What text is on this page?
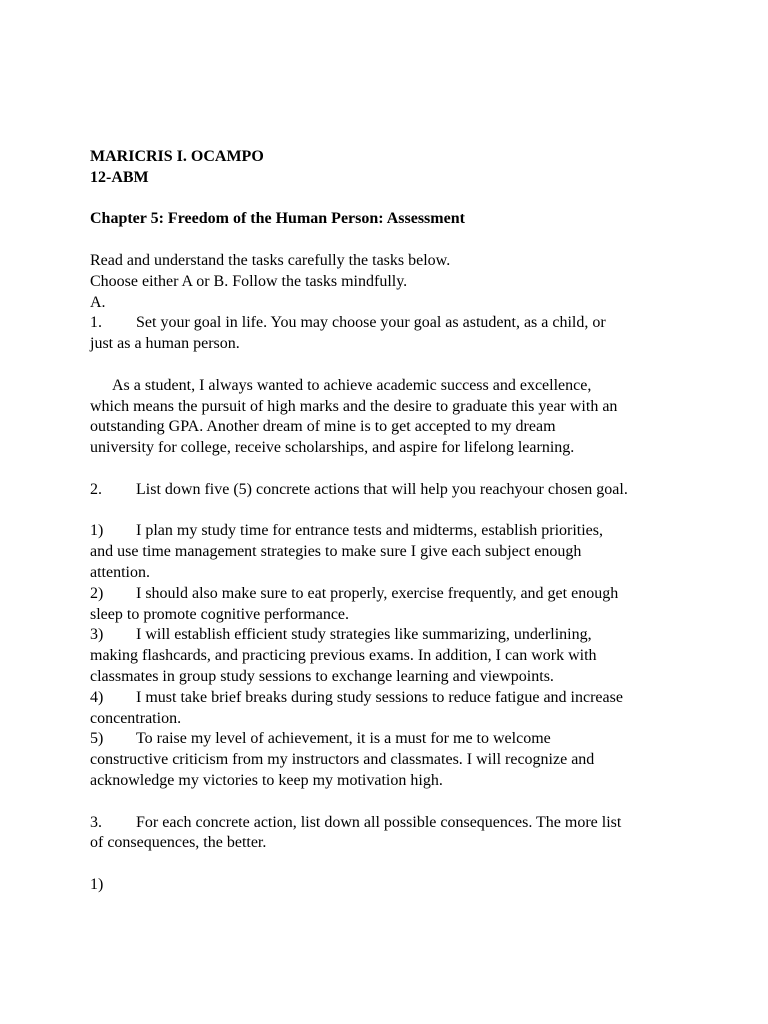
MARICRIS I. OCAMPO

12-ABM

Chapter 5: Freedom of the Human Person: Assessment

Read and understand the tasks carefully the tasks below.

Choose either A or B. Follow the tasks mindfully.

A.

1. Set your goal in life. You may choose your goal as astudent, as a child, or

just as a human person.

As a student, I always wanted to achieve academic success and excellence,

which means the pursuit of high marks and the desire to graduate this year with an

outstanding GPA. Another dream of mine is to get accepted to my dream

university for college, receive scholarships, and aspire for lifelong learning.

2. List down five (5) concrete actions that will help you reachyour chosen goal.

1) I plan my study time for entrance tests and midterms, establish priorities,

and use time management strategies to make sure I give each subject enough

attention.

2) I should also make sure to eat properly, exercise frequently, and get enough

sleep to promote cognitive performance.

3) I will establish efficient study strategies like summarizing, underlining,

making flashcards, and practicing previous exams. In addition, I can work with

classmates in group study sessions to exchange learning and viewpoints.

4) I must take brief breaks during study sessions to reduce fatigue and increase

concentration.

5) To raise my level of achievement, it is a must for me to welcome

constructive criticism from my instructors and classmates. I will recognize and

acknowledge my victories to keep my motivation high.

3. For each concrete action, list down all possible consequences. The more list

of consequences, the better.

1)
